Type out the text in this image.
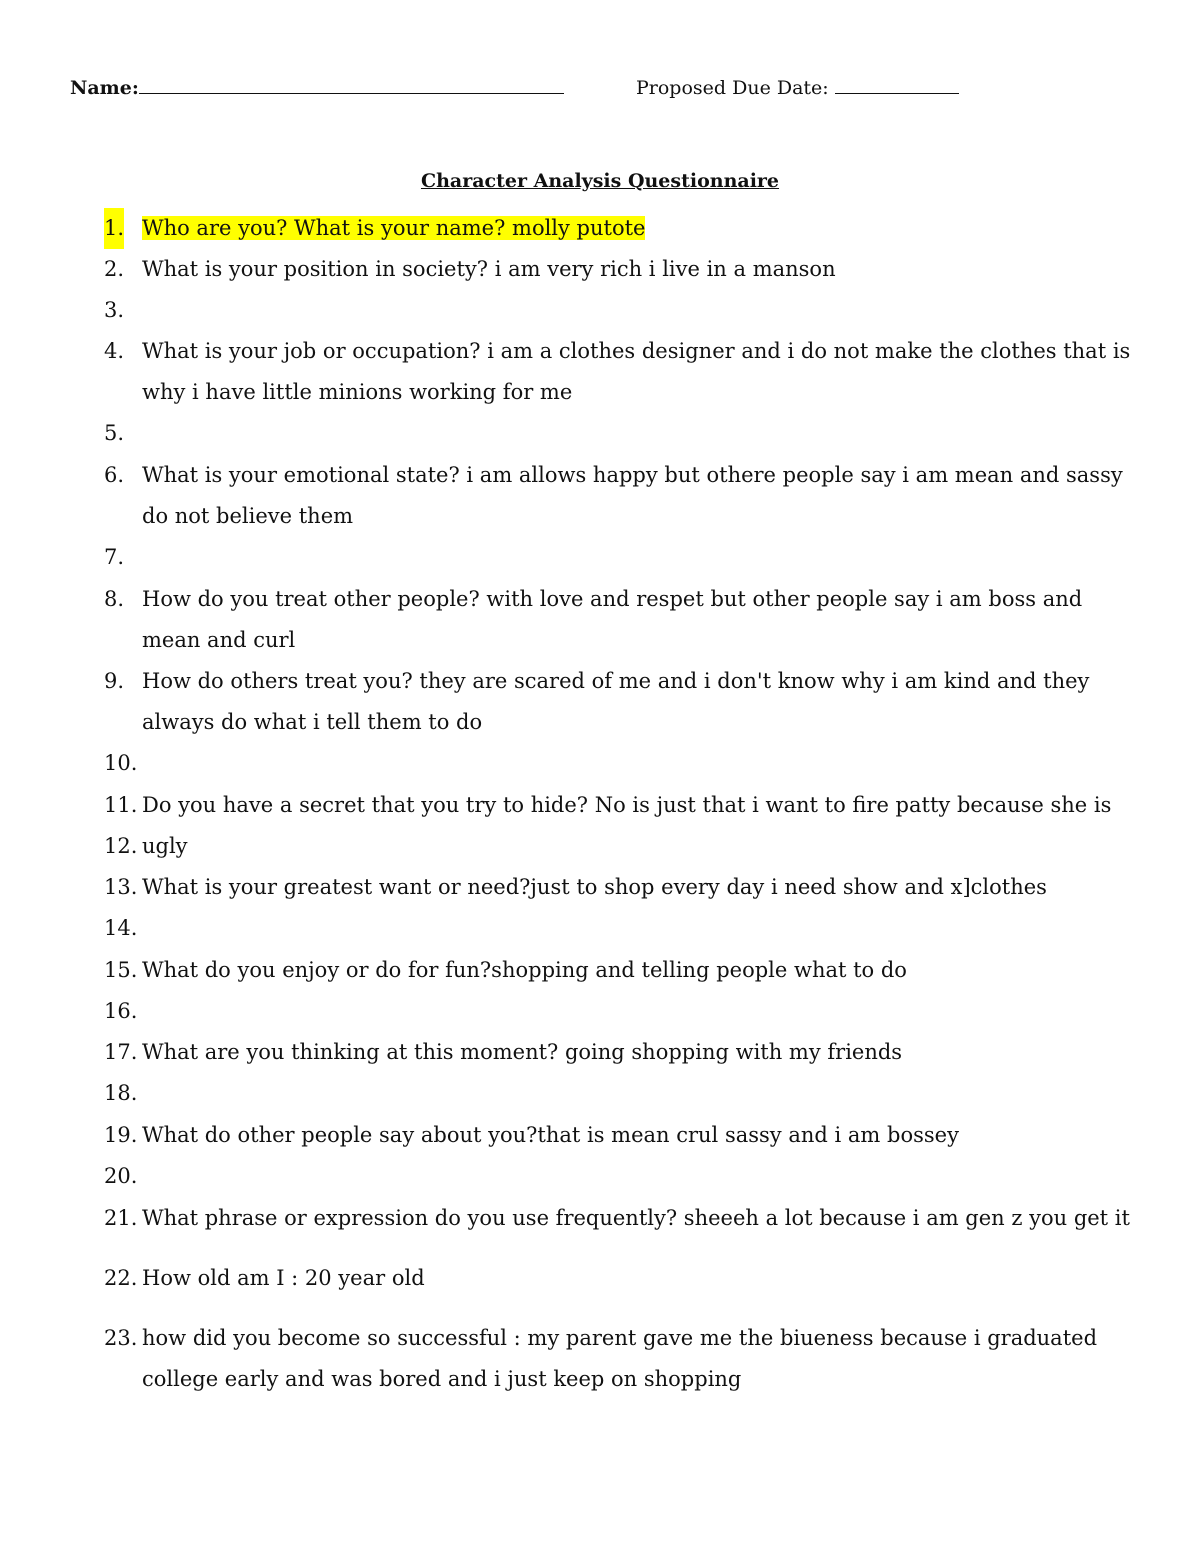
Name:	Proposed Due Date:
Character Analysis Questionnaire
1. Who are you? What is your name? molly putote
2. What is your position in society? i am very rich i live in a manson
3.
4. What is your job or occupation? i am a clothes designer and i do not make the clothes that is why i have little minions working for me
5.
6. What is your emotional state? i am allows happy but othere people say i am mean and sassy do not believe them
7.
8. How do you treat other people? with love and respet but other people say i am boss and mean and curl
9. How do others treat you? they are scared of me and i don't know why i am kind and they always do what i tell them to do
10.
11. Do you have a secret that you try to hide? No is just that i want to fire patty because she is ugly
12.
13. What is your greatest want or need?just to shop every day i need show and x]clothes
14.
15. What do you enjoy or do for fun?shopping and telling people what to do
16.
17. What are you thinking at this moment? going shopping with my friends
18.
19. What do other people say about you?that is mean crul sassy and i am bossey
20.
21. What phrase or expression do you use frequently? sheeeh a lot because i am gen z you get it
22. How old am I : 20 year old
23. how did you become so successful : my parent gave me the biueness because i graduated college early and was bored and i just keep on shopping
